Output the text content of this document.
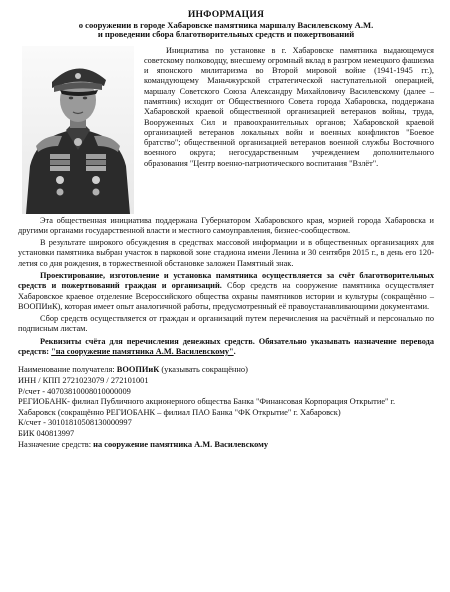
ИНФОРМАЦИЯ
о сооружении в городе Хабаровске памятника маршалу Василевскому А.М.
и проведении сбора благотворительных средств и пожертвований

Инициатива по установке в г. Хабаровске памятника выдающемуся советскому полководцу, внесшему огромный вклад в разгром немецкого фашизма и японского милитаризма во Второй мировой войне (1941-1945 гг.), командующему Маньчжурской стратегической наступательной операцией, маршалу Советского Союза Александру Михайловичу Василевскому (далее – памятник) исходит от Общественного Совета города Хабаровска, поддержана Хабаровской краевой общественной организацией ветеранов войны, труда, Вооруженных Сил и правоохранительных органов; Хабаровской краевой организацией ветеранов локальных войн и военных конфликтов "Боевое братство"; общественной организацией ветеранов военной службы Восточного военного округа; негосударственным учреждением дополнительного образования "Центр военно-патриотического воспитания "Взлёт".

Эта общественная инициатива поддержана Губернатором Хабаровского края, мэрией города Хабаровска и другими органами государственной власти и местного самоуправления, бизнес-сообществом.

В результате широкого обсуждения в средствах массовой информации и в общественных организациях для установки памятника выбран участок в парковой зоне стадиона имени Ленина и 30 сентября 2015 г., в день его 120-летия со дня рождения, в торжественной обстановке заложен Памятный знак.

Проектирование, изготовление и установка памятника осуществляется за счёт благотворительных средств и пожертвований граждан и организаций. Сбор средств на сооружение памятника осуществляет Хабаровское краевое отделение Всероссийского общества охраны памятников истории и культуры (сокращённо – ВООПИиК), которая имеет опыт аналогичной работы, предусмотренный её правоустанавливающими документами.

Сбор средств осуществляется от граждан и организаций путем перечисления на расчётный и персонально по подписным листам.

Реквизиты счёта для перечисления денежных средств. Обязательно указывать назначение перевода средств: "на сооружение памятника А.М. Василевскому".

Наименование получателя: ВООПИиК (указывать сокращённо)
ИНН / КПП 2721023079 / 272101001
Р/счет - 40703810008010000009
РЕГИОБАНК- филиал Публичного акционерного общества Банка "Финансовая Корпорация Открытие" г. Хабаровск (сокращённо РЕГИОБАНК – филиал ПАО Банка "ФК Открытие" г. Хабаровск)
К/счет - 30101810508130000997
БИК 040813997
Назначение средств: на сооружение памятника А.М. Василевскому
